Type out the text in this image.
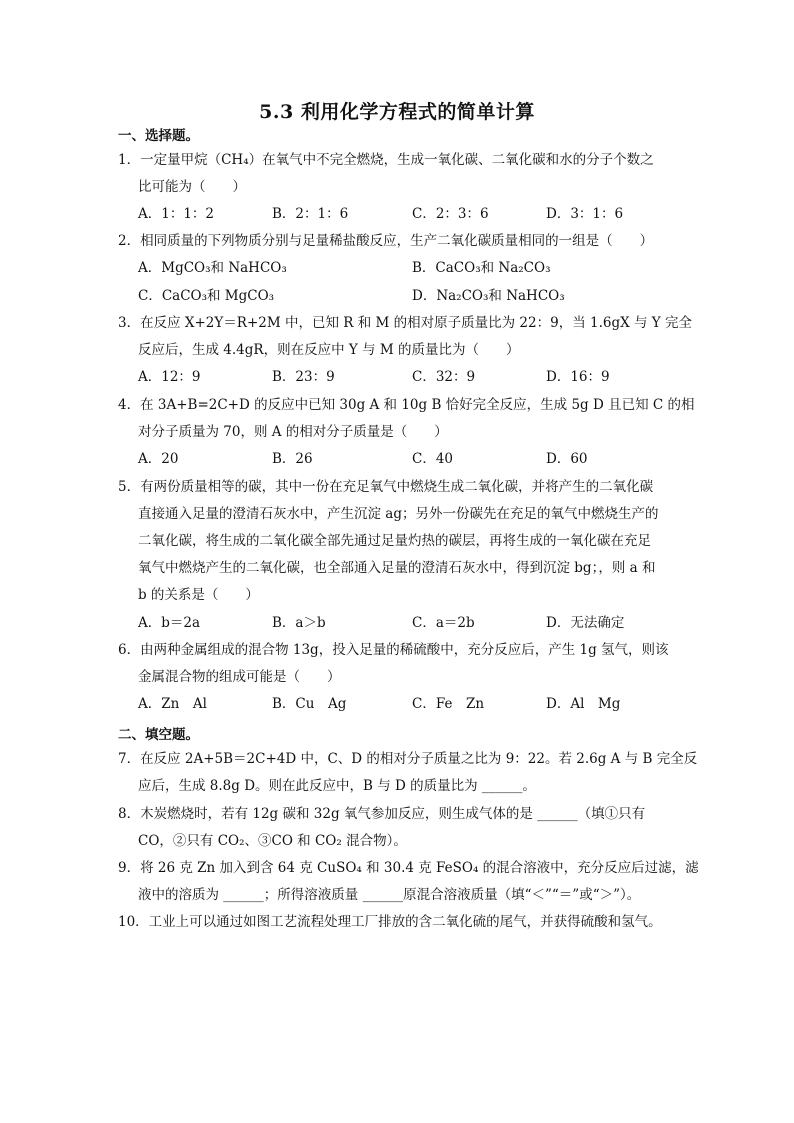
5.3 利用化学方程式的简单计算
一、选择题。
1．一定量甲烷（CH₄）在氧气中不完全燃烧，生成一氧化碳、二氧化碳和水的分子个数之
比可能为（　　）
A．1：1：2	B．2：1：6	C．2：3：6	D．3：1：6
2．相同质量的下列物质分别与足量稀盐酸反应，生产二氧化碳质量相同的一组是（　　）
A．MgCO₃和 NaHCO₃	B．CaCO₃和 Na₂CO₃
C．CaCO₃和 MgCO₃	D．Na₂CO₃和 NaHCO₃
3．在反应 X+2Y＝R+2M 中，已知 R 和 M 的相对原子质量比为 22：9，当 1.6gX 与 Y 完全
反应后，生成 4.4gR，则在反应中 Y 与 M 的质量比为（　　）
A．12：9	B．23：9	C．32：9	D．16：9
4．在 3A+B=2C+D 的反应中已知 30g A 和 10g B 恰好完全反应，生成 5g D 且已知 C 的相
对分子质量为 70，则 A 的相对分子质量是（　　）
A．20	B．26	C．40	D．60
5．有两份质量相等的碳，其中一份在充足氧气中燃烧生成二氧化碳，并将产生的二氧化碳
直接通入足量的澄清石灰水中，产生沉淀 ag；另外一份碳先在充足的氧气中燃烧生产的
二氧化碳，将生成的二氧化碳全部先通过足量灼热的碳层，再将生成的一氧化碳在充足
氧气中燃烧产生的二氧化碳，也全部通入足量的澄清石灰水中，得到沉淀 bg；，则 a 和
b 的关系是（　　）
A．b＝2a	B．a＞b	C．a＝2b	D．无法确定
6．由两种金属组成的混合物 13g，投入足量的稀硫酸中，充分反应后，产生 1g 氢气，则该
金属混合物的组成可能是（　　）
A．Zn　Al	B．Cu　Ag	C．Fe　Zn	D．Al　Mg
二、填空题。
7．在反应 2A+5B＝2C+4D 中，C、D 的相对分子质量之比为 9：22。若 2.6g A 与 B 完全反
应后，生成 8.8g D。则在此反应中，B 与 D 的质量比为 ______。
8．木炭燃烧时，若有 12g 碳和 32g 氧气参加反应，则生成气体的是 ______（填①只有
CO，②只有 CO₂、③CO 和 CO₂ 混合物）。
9．将 26 克 Zn 加入到含 64 克 CuSO₄ 和 30.4 克 FeSO₄ 的混合溶液中，充分反应后过滤，滤
液中的溶质为 ______；所得溶液质量 ______原混合溶液质量（填“＜”“＝”或“＞”）。
10．工业上可以通过如图工艺流程处理工厂排放的含二氧化硫的尾气，并获得硫酸和氢气。
